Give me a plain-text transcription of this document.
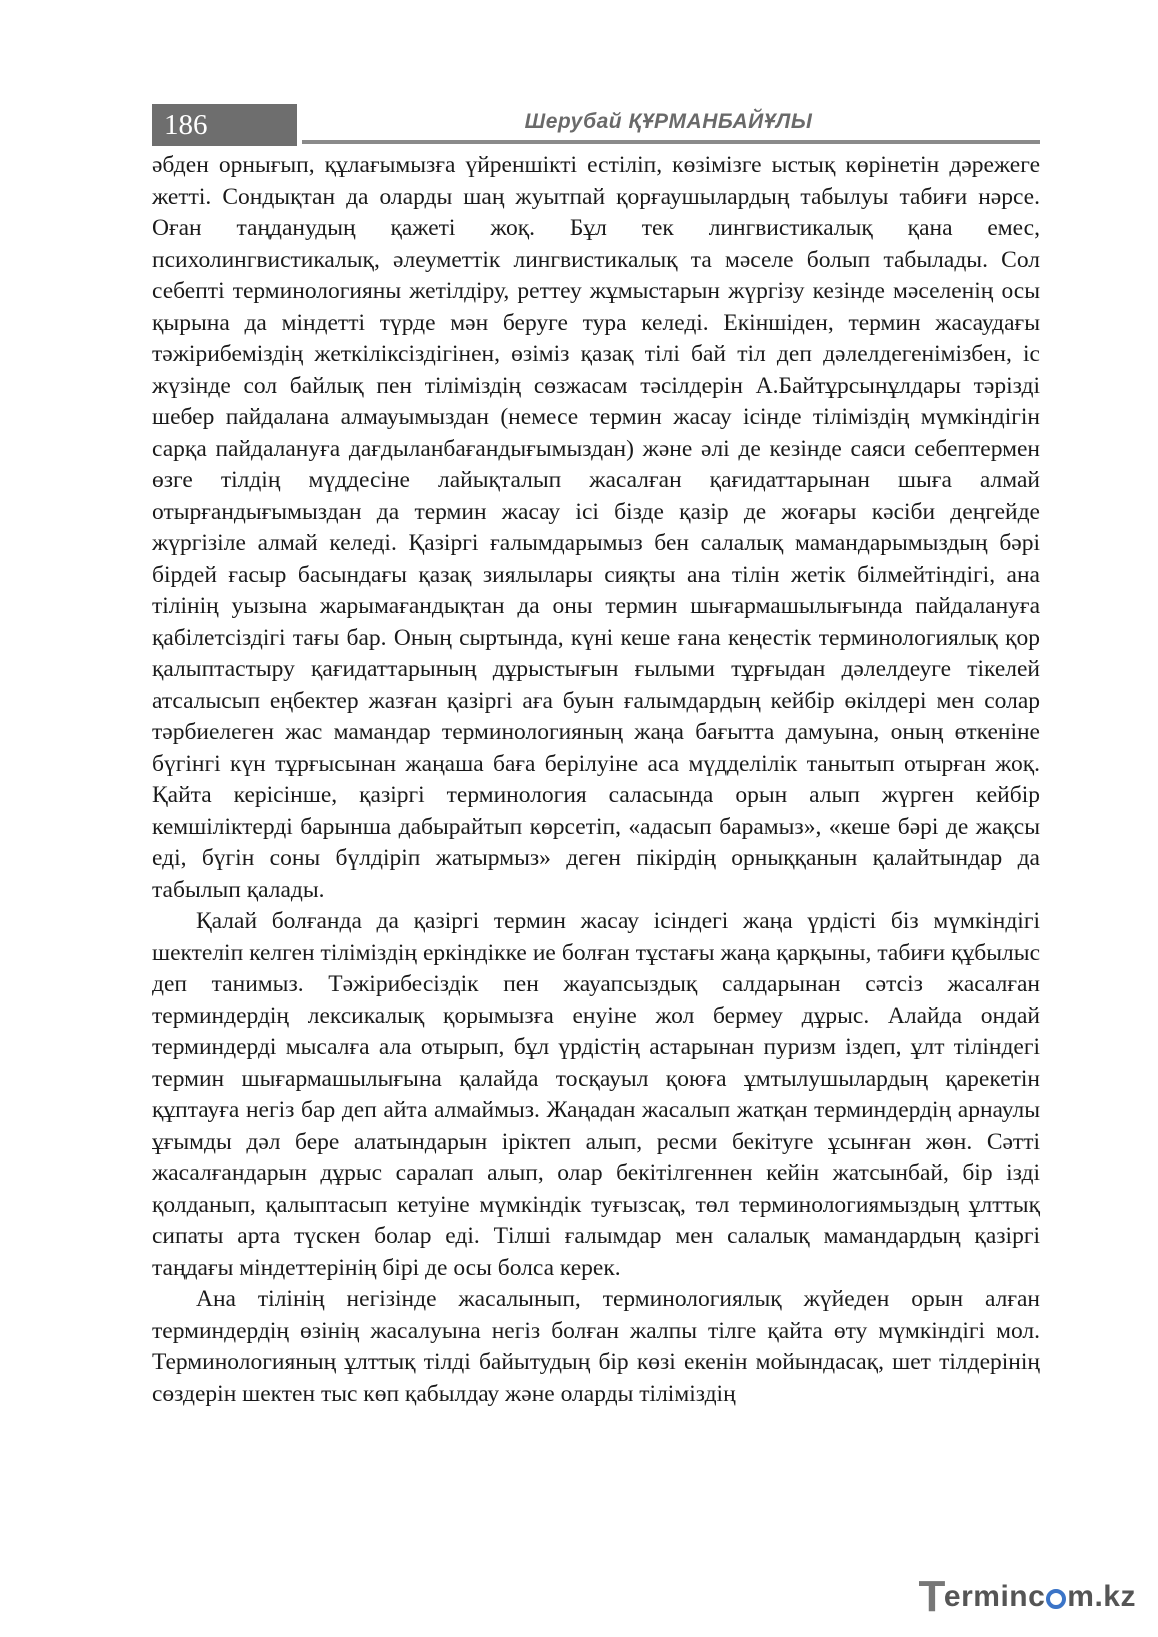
186	Шерубай ҚҰРМАНБАЙҰЛЫ

әбден орнығып, құлағымызға үйреншікті естіліп, көзімізге ыстық көрінетін дәрежеге жетті. Сондықтан да оларды шаң жуытпай қорғаушылардың табылуы табиғи нәрсе. Оған таңданудың қажеті жоқ. Бұл тек лингвистикалық қана емес, психолингвистикалық, әлеуметтік лингвистикалық та мәселе болып табылады. Сол себепті терминологияны жетілдіру, реттеу жұмыстарын жүргізу кезінде мәселенің осы қырына да міндетті түрде мән беруге тура келеді. Екіншіден, термин жасаудағы тәжірибеміздің жеткіліксіздігінен, өзіміз қазақ тілі бай тіл деп дәлелдегенімізбен, іс жүзінде сол байлық пен тіліміздің сөзжасам тәсілдерін А.Байтұрсынұлдары тәрізді шебер пайдалана алмауымыздан (немесе термин жасау ісінде тіліміздің мүмкіндігін сарқа пайдалануға дағдыланбағандығымыздан) және әлі де кезінде саяси себептермен өзге тілдің мүддесіне лайықталып жасалған қағидаттарынан шыға алмай отырғандығымыздан да термин жасау ісі бізде қазір де жоғары кәсіби деңгейде жүргізіле алмай келеді. Қазіргі ғалымдарымыз бен салалық мамандарымыздың бәрі бірдей ғасыр басындағы қазақ зиялылары сияқты ана тілін жетік білмейтіндігі, ана тілінің уызына жарымағандықтан да оны термин шығармашылығында пайдалануға қабілетсіздігі тағы бар. Оның сыртында, күні кеше ғана кеңестік терминологиялық қор қалыптастыру қағидаттарының дұрыстығын ғылыми тұрғыдан дәлелдеуге тікелей атсалысып еңбектер жазған қазіргі аға буын ғалымдардың кейбір өкілдері мен солар тәрбиелеген жас мамандар терминологияның жаңа бағытта дамуына, оның өткеніне бүгінгі күн тұрғысынан жаңаша баға берілуіне аса мүдделілік танытып отырған жоқ. Қайта керісінше, қазіргі терминология саласында орын алып жүрген кейбір кемшіліктерді барынша дабырайтып көрсетіп, «адасып барамыз», «кеше бәрі де жақсы еді, бүгін соны бүлдіріп жатырмыз» деген пікірдің орныққанын қалайтындар да табылып қалады.

Қалай болғанда да қазіргі термин жасау ісіндегі жаңа үрдісті біз мүмкіндігі шектеліп келген тіліміздің еркіндікке ие болған тұстағы жаңа қарқыны, табиғи құбылыс деп танимыз. Тәжірибесіздік пен жауапсыздық салдарынан сәтсіз жасалған терминдердің лексикалық қорымызға енуіне жол бермеу дұрыс. Алайда ондай терминдерді мысалға ала отырып, бұл үрдістің астарынан пуризм іздеп, ұлт тіліндегі термин шығармашылығына қалайда тосқауыл қоюға ұмтылушылардың қарекетін құптауға негіз бар деп айта алмаймыз. Жаңадан жасалып жатқан терминдердің арнаулы ұғымды дәл бере алатындарын іріктеп алып, ресми бекітуге ұсынған жөн. Сәтті жасалғандарын дұрыс саралап алып, олар бекітілгеннен кейін жатсынбай, бір ізді қолданып, қалыптасып кетуіне мүмкіндік туғызсақ, төл терминологиямыздың ұлттық сипаты арта түскен болар еді. Тілші ғалымдар мен салалық мамандардың қазіргі таңдағы міндеттерінің бірі де осы болса керек.

Ана тілінің негізінде жасалынып, терминологиялық жүйеден орын алған терминдердің өзінің жасалуына негіз болған жалпы тілге қайта өту мүмкіндігі мол. Терминологияның ұлттық тілді байытудың бір көзі екенін мойындасақ, шет тілдерінің сөздерін шектен тыс көп қабылдау және оларды тіліміздің

T
erminc m.kz
